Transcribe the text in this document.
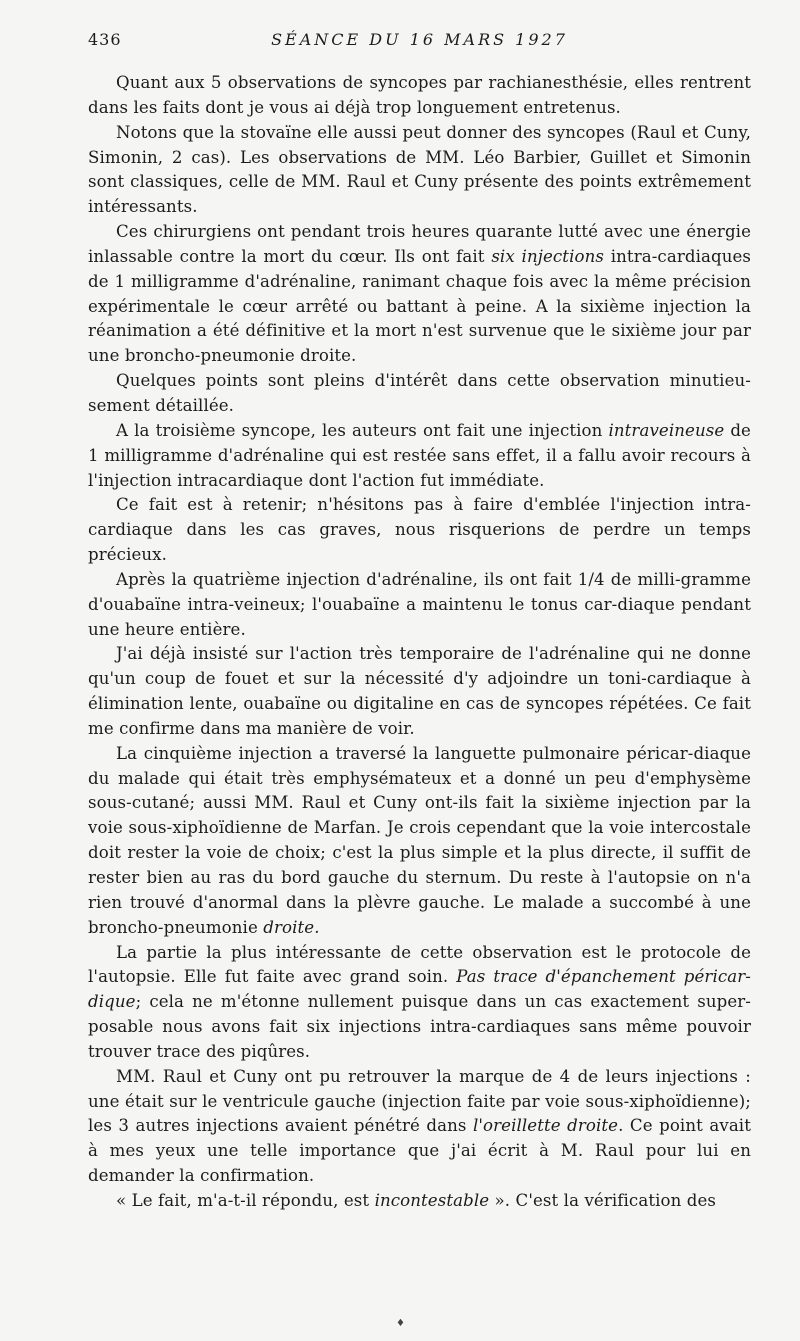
436	SÉANCE DU 16 MARS 1927

Quant aux 5 observations de syncopes par rachianesthésie, elles rentrent dans les faits dont je vous ai déjà trop longuement entretenus.

Notons que la stovaïne elle aussi peut donner des syncopes (Raul et Cuny, Simonin, 2 cas). Les observations de MM. Léo Barbier, Guillet et Simonin sont classiques, celle de MM. Raul et Cuny présente des points extrêmement intéressants.

Ces chirurgiens ont pendant trois heures quarante lutté avec une énergie inlassable contre la mort du cœur. Ils ont fait six injections intra-cardiaques de 1 milligramme d'adrénaline, ranimant chaque fois avec la même précision expérimentale le cœur arrêté ou battant à peine. A la sixième injection la réanimation a été définitive et la mort n'est survenue que le sixième jour par une broncho-pneumonie droite.

Quelques points sont pleins d'intérêt dans cette observation minutieu-sement détaillée.

A la troisième syncope, les auteurs ont fait une injection intraveineuse de 1 milligramme d'adrénaline qui est restée sans effet, il a fallu avoir recours à l'injection intracardiaque dont l'action fut immédiate.

Ce fait est à retenir; n'hésitons pas à faire d'emblée l'injection intra-cardiaque dans les cas graves, nous risquerions de perdre un temps précieux.

Après la quatrième injection d'adrénaline, ils ont fait 1/4 de milli-gramme d'ouabaïne intra-veineux; l'ouabaïne a maintenu le tonus car-diaque pendant une heure entière.

J'ai déjà insisté sur l'action très temporaire de l'adrénaline qui ne donne qu'un coup de fouet et sur la nécessité d'y adjoindre un toni-cardiaque à élimination lente, ouabaïne ou digitaline en cas de syncopes répétées. Ce fait me confirme dans ma manière de voir.

La cinquième injection a traversé la languette pulmonaire péricar-diaque du malade qui était très emphysémateux et a donné un peu d'emphysème sous-cutané; aussi MM. Raul et Cuny ont-ils fait la sixième injection par la voie sous-xiphoïdienne de Marfan. Je crois cependant que la voie intercostale doit rester la voie de choix; c'est la plus simple et la plus directe, il suffit de rester bien au ras du bord gauche du sternum. Du reste à l'autopsie on n'a rien trouvé d'anormal dans la plèvre gauche. Le malade a succombé à une broncho-pneumonie droite.

La partie la plus intéressante de cette observation est le protocole de l'autopsie. Elle fut faite avec grand soin. Pas trace d'épanchement péricar-dique; cela ne m'étonne nullement puisque dans un cas exactement super-posable nous avons fait six injections intra-cardiaques sans même pouvoir trouver trace des piqûres.

MM. Raul et Cuny ont pu retrouver la marque de 4 de leurs injections : une était sur le ventricule gauche (injection faite par voie sous-xiphoïdienne); les 3 autres injections avaient pénétré dans l'oreillette droite. Ce point avait à mes yeux une telle importance que j'ai écrit à M. Raul pour lui en demander la confirmation.

« Le fait, m'a-t-il répondu, est incontestable ». C'est la vérification des

♦
